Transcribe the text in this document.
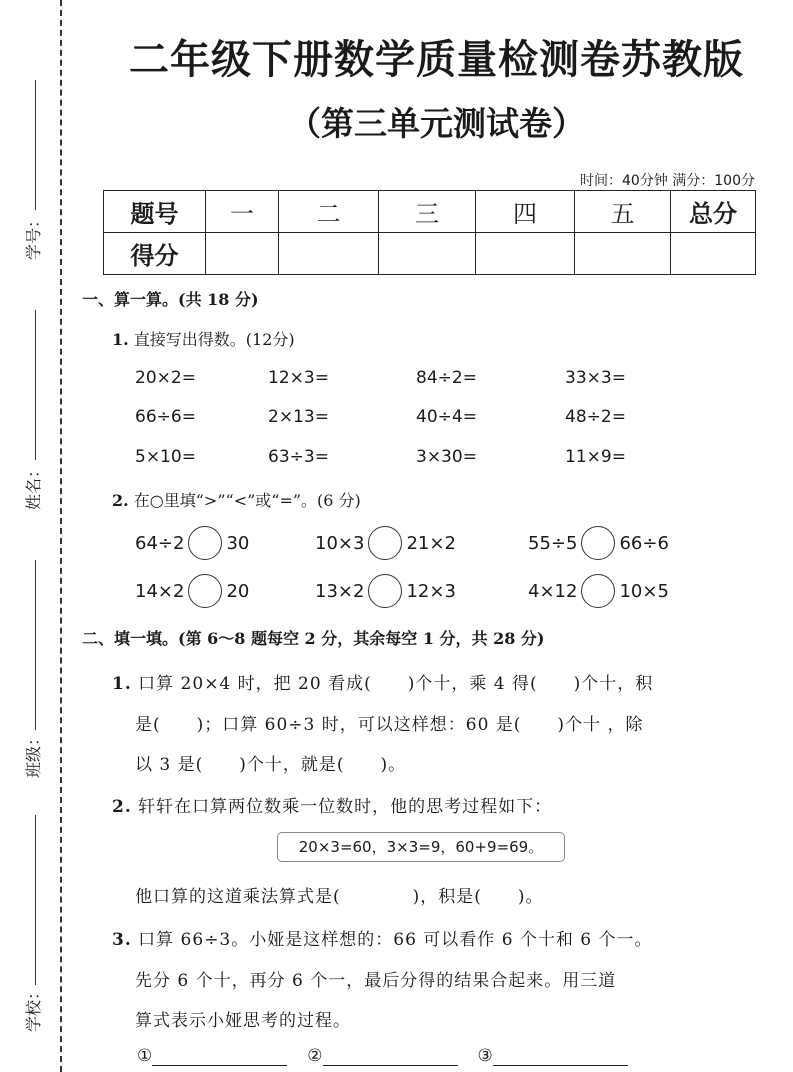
学号：
姓名：
班级：
学校：
二年级下册数学质量检测卷苏教版
（第三单元测试卷）
时间：40分钟 满分：100分
题号	一	二	三	四	五	总分
得分						
一、算一算。(共 18 分)
1. 直接写出得数。(12分)
20×2=	12×3=	84÷2=	33×3=
66÷6=	2×13=	40÷4=	48÷2=
5×10=	63÷3=	3×30=	11×9=
2. 在○里填“>”“<”或“=”。(6 分)
64÷2 30	10×3 21×2	55÷5 66÷6
14×2 20	13×2 12×3	4×12 10×5
二、填一填。(第 6～8 题每空 2 分，其余每空 1 分，共 28 分)
1. 口算 20×4 时，把 20 看成(　　)个十，乘 4 得(　　)个十，积
是(　　)；口算 60÷3 时，可以这样想：60 是(　　)个十 ，除
以 3 是(　　)个十，就是(　　)。
2. 轩轩在口算两位数乘一位数时，他的思考过程如下：
20×3=60，3×3=9，60+9=69。
他口算的这道乘法算式是(　　　　)，积是(　　)。
3. 口算 66÷3。小娅是这样想的：66 可以看作 6 个十和 6 个一。
先分 6 个十，再分 6 个一，最后分得的结果合起来。用三道
算式表示小娅思考的过程。
①	②	③
